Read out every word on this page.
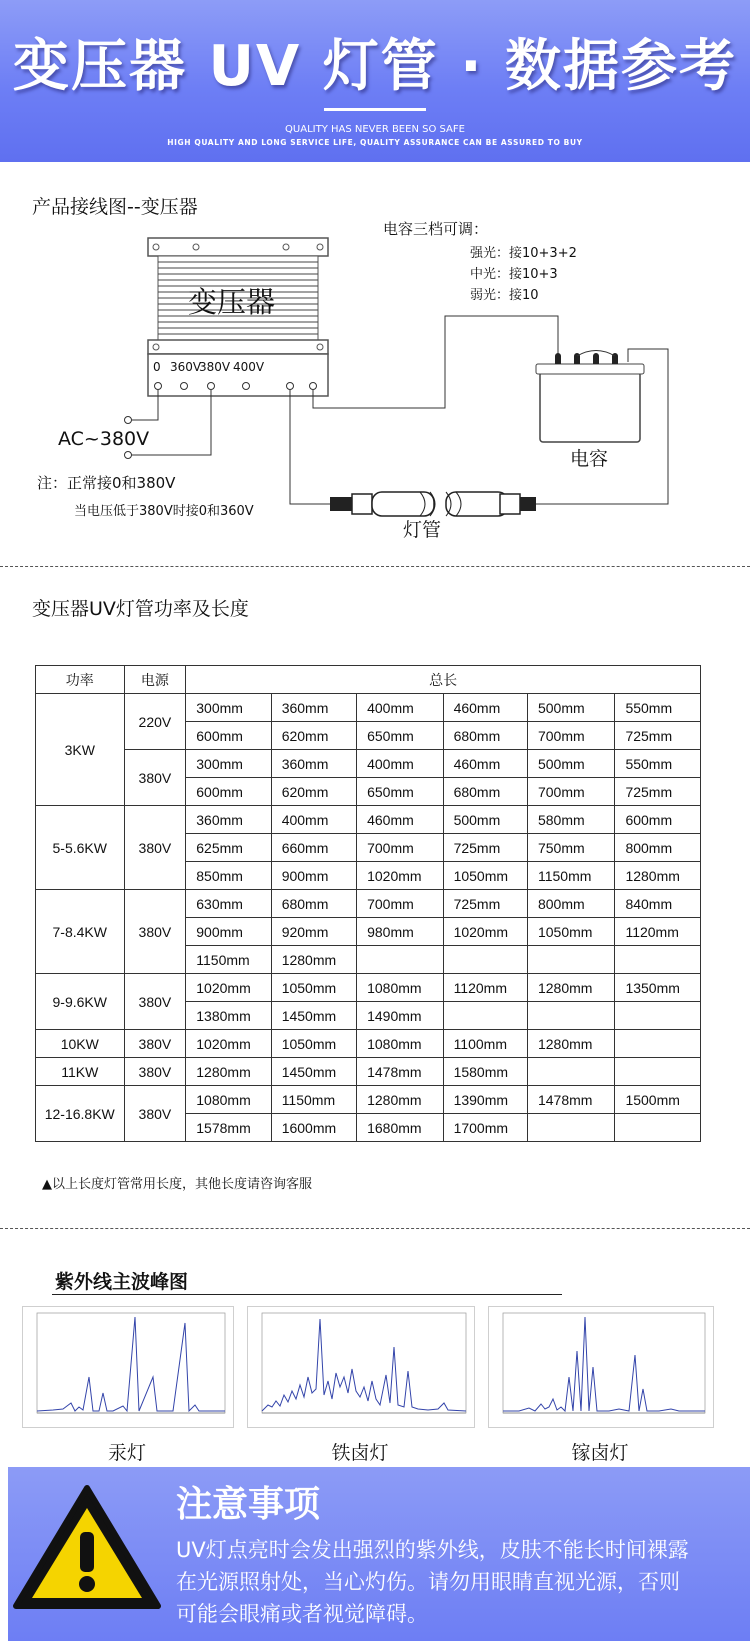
变压器 UV 灯管 · 数据参考
QUALITY HAS NEVER BEEN SO SAFE
HIGH QUALITY AND LONG SERVICE LIFE, QUALITY ASSURANCE CAN BE ASSURED TO BUY
产品接线图--变压器
变压器
0 360V
380V 400V
电容三档可调：
强光：接10+3+2
中光：接10+3
弱光：接10
电容
AC~380V
注：正常接0和380V
当电压低于380V时接0和360V
灯管
变压器UV灯管功率及长度
功率	电源	总长					
3KW	220V	300mm	360mm	400mm	460mm	500mm	550mm
		600mm	620mm	650mm	680mm	700mm	725mm
	380V	300mm	360mm	400mm	460mm	500mm	550mm
		600mm	620mm	650mm	680mm	700mm	725mm
5-5.6KW	380V	360mm	400mm	460mm	500mm	580mm	600mm
		625mm	660mm	700mm	725mm	750mm	800mm
		850mm	900mm	1020mm	1050mm	1150mm	1280mm
7-8.4KW	380V	630mm	680mm	700mm	725mm	800mm	840mm
		900mm	920mm	980mm	1020mm	1050mm	1120mm
		1150mm	1280mm				
9-9.6KW	380V	1020mm	1050mm	1080mm	1120mm	1280mm	1350mm
		1380mm	1450mm	1490mm			
10KW	380V	1020mm	1050mm	1080mm	1100mm	1280mm	
11KW	380V	1280mm	1450mm	1478mm	1580mm		
12-16.8KW	380V	1080mm	1150mm	1280mm	1390mm	1478mm	1500mm
		1578mm	1600mm	1680mm	1700mm		
▲以上长度灯管常用长度，其他长度请咨询客服
紫外线主波峰图
汞灯	铁卤灯	镓卤灯
注意事项
UV灯点亮时会发出强烈的紫外线，皮肤不能长时间裸露
在光源照射处，当心灼伤。请勿用眼睛直视光源，否则
可能会眼痛或者视觉障碍。
